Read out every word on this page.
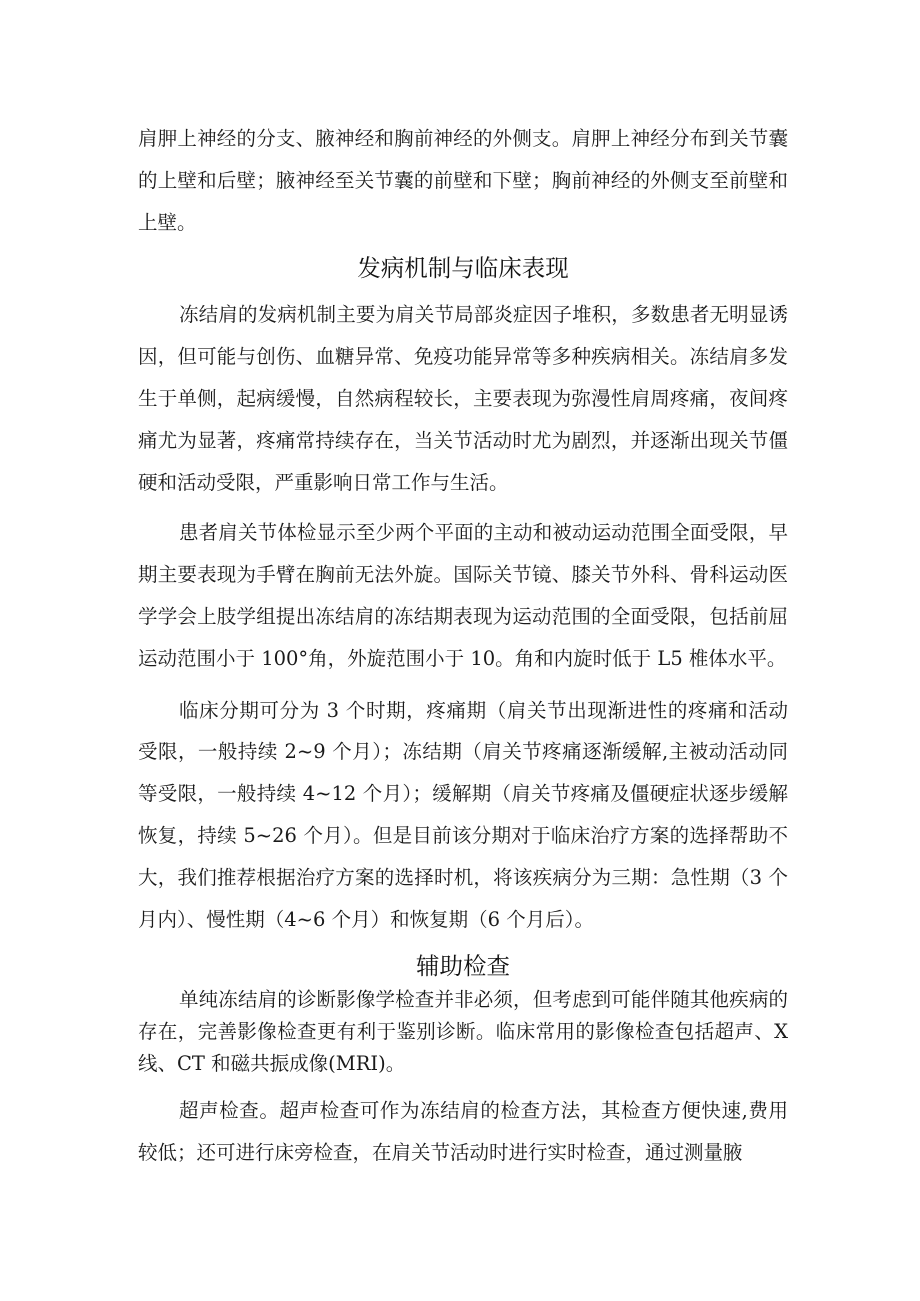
肩胛上神经的分支、腋神经和胸前神经的外侧支。肩胛上神经分布到关节囊的上壁和后壁；腋神经至关节囊的前壁和下壁；胸前神经的外侧支至前壁和上壁。

发病机制与临床表现

冻结肩的发病机制主要为肩关节局部炎症因子堆积，多数患者无明显诱因，但可能与创伤、血糖异常、免疫功能异常等多种疾病相关。冻结肩多发生于单侧，起病缓慢，自然病程较长，主要表现为弥漫性肩周疼痛，夜间疼痛尤为显著，疼痛常持续存在，当关节活动时尤为剧烈，并逐渐出现关节僵硬和活动受限，严重影响日常工作与生活。

患者肩关节体检显示至少两个平面的主动和被动运动范围全面受限，早期主要表现为手臂在胸前无法外旋。国际关节镜、膝关节外科、骨科运动医学学会上肢学组提出冻结肩的冻结期表现为运动范围的全面受限，包括前屈运动范围小于 100°角，外旋范围小于 10。角和内旋时低于 L5 椎体水平。

临床分期可分为 3 个时期，疼痛期（肩关节出现渐进性的疼痛和活动受限，一般持续 2~9 个月）；冻结期（肩关节疼痛逐渐缓解,主被动活动同等受限，一般持续 4~12 个月）；缓解期（肩关节疼痛及僵硬症状逐步缓解恢复，持续 5~26 个月）。但是目前该分期对于临床治疗方案的选择帮助不大，我们推荐根据治疗方案的选择时机，将该疾病分为三期：急性期（3 个月内）、慢性期（4~6 个月）和恢复期（6 个月后）。

辅助检查

单纯冻结肩的诊断影像学检查并非必须，但考虑到可能伴随其他疾病的存在，完善影像检查更有利于鉴别诊断。临床常用的影像检查包括超声、X 线、CT 和磁共振成像(MRI)。

超声检查。超声检查可作为冻结肩的检查方法，其检查方便快速,费用较低；还可进行床旁检查，在肩关节活动时进行实时检查，通过测量腋
